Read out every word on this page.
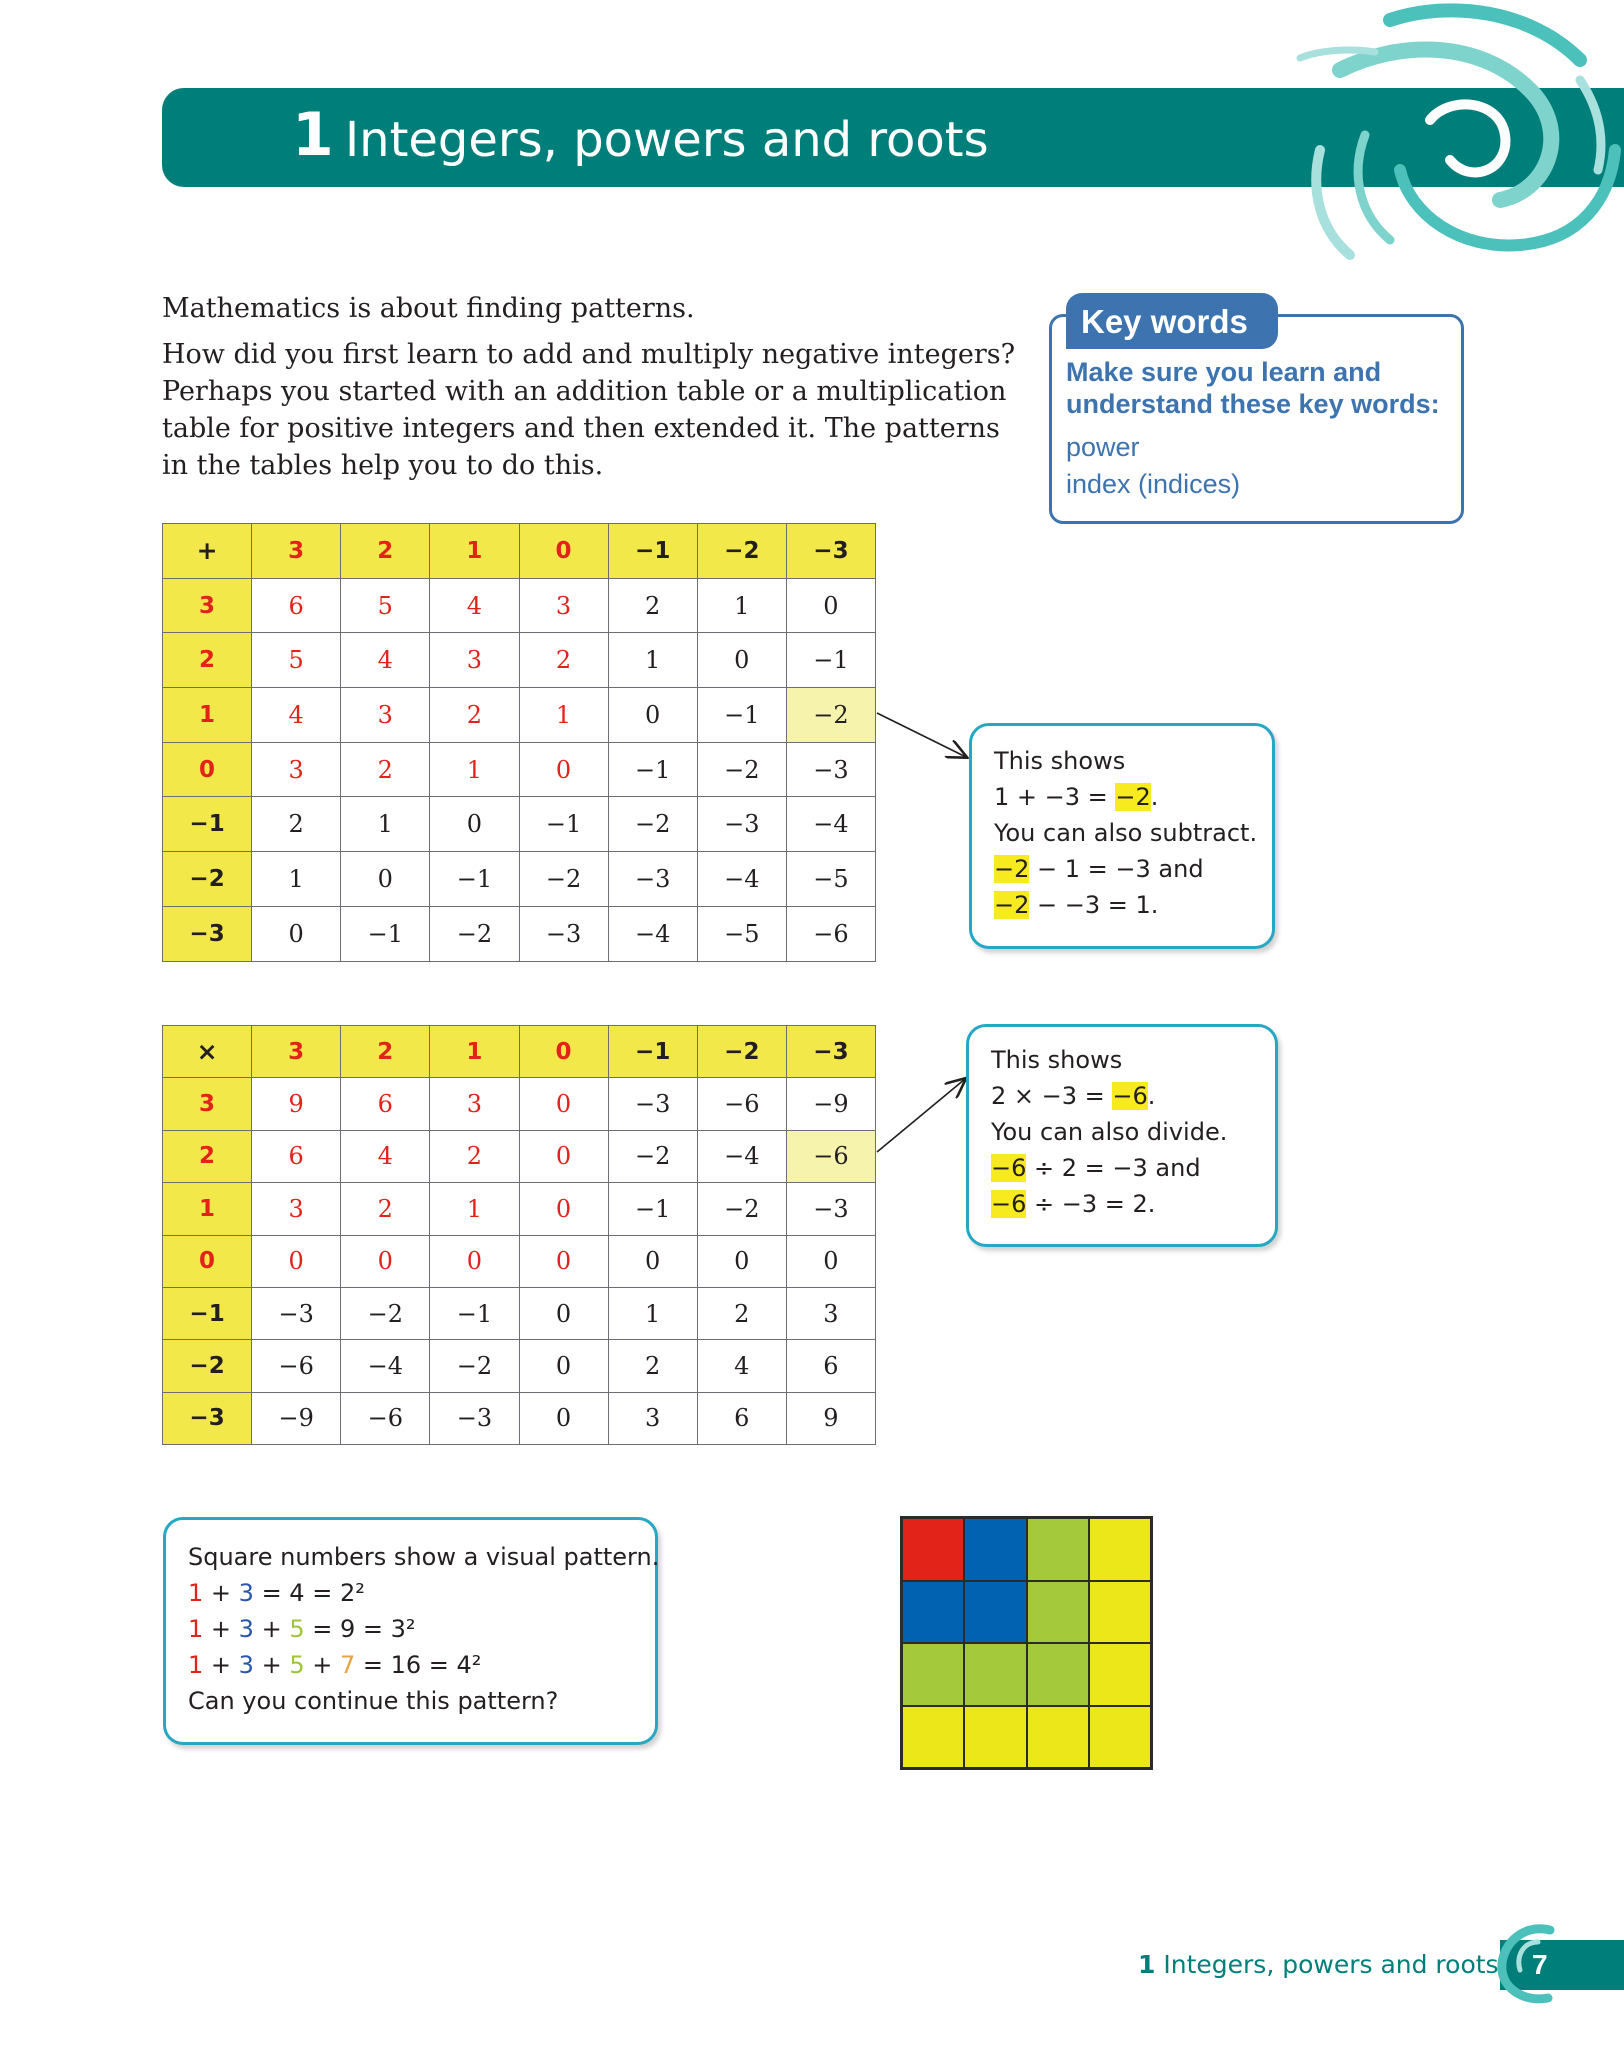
1 Integers, powers and roots

Mathematics is about finding patterns.

How did you first learn to add and multiply negative integers? Perhaps you started with an addition table or a multiplication table for positive integers and then extended it. The patterns in the tables help you to do this.

Key words
Make sure you learn and understand these key words:
power
index (indices)
+	3	2	1	0	−1	−2	−3
3	6	5	4	3	2	1	0
2	5	4	3	2	1	0	−1
1	4	3	2	1	0	−1	−2
0	3	2	1	0	−1	−2	−3
−1	2	1	0	−1	−2	−3	−4
−2	1	0	−1	−2	−3	−4	−5
−3	0	−1	−2	−3	−4	−5	−6
×	3	2	1	0	−1	−2	−3
3	9	6	3	0	−3	−6	−9
2	6	4	2	0	−2	−4	−6
1	3	2	1	0	−1	−2	−3
0	0	0	0	0	0	0	0
−1	−3	−2	−1	0	1	2	3
−2	−6	−4	−2	0	2	4	6
−3	−9	−6	−3	0	3	6	9
This shows
1 + −3 = −2.
You can also subtract.
−2 − 1 = −3 and
−2 − −3 = 1.
This shows
2 × −3 = −6.
You can also divide.
−6 ÷ 2 = −3 and
−6 ÷ −3 = 2.
Square numbers show a visual pattern.
1 + 3 = 4 = 2²
1 + 3 + 5 = 9 = 3²
1 + 3 + 5 + 7 = 16 = 4²
Can you continue this pattern?
1 Integers, powers and roots 7
